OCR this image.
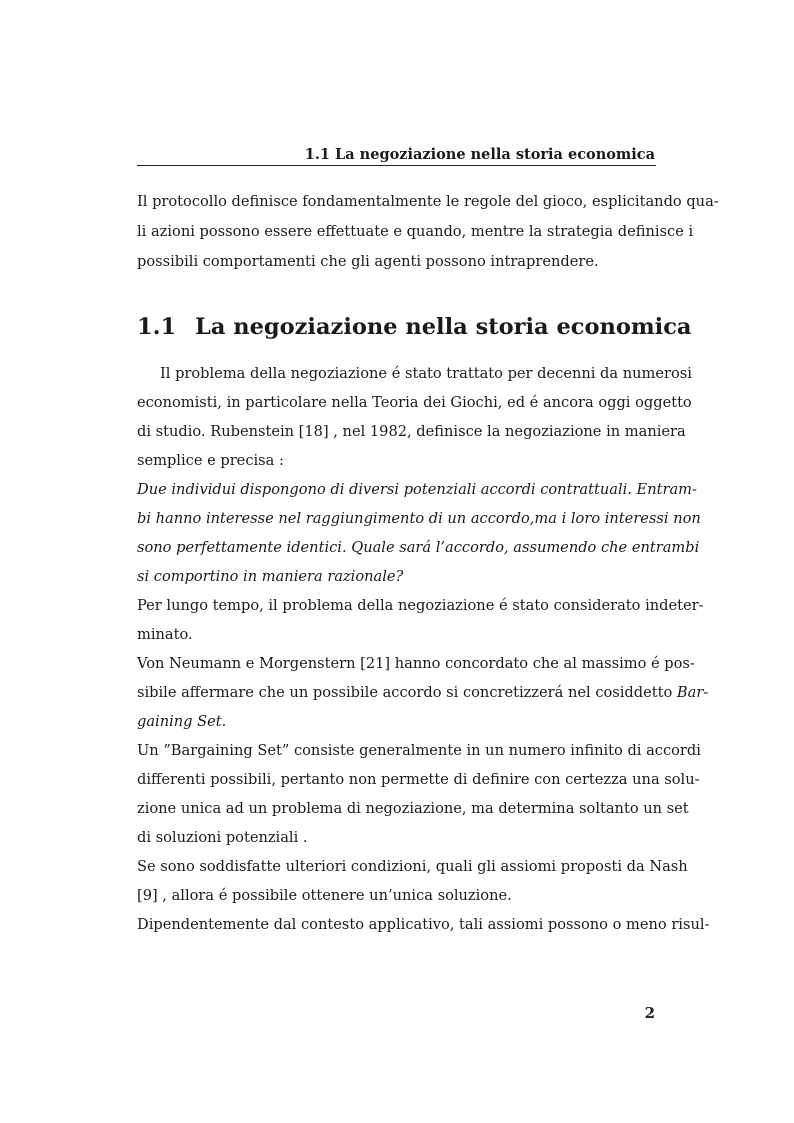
1.1 La negoziazione nella storia economica
Il protocollo definisce fondamentalmente le regole del gioco, esplicitando qua-
li azioni possono essere effettuate e quando, mentre la strategia definisce i
possibili comportamenti che gli agenti possono intraprendere.
1.1 La negoziazione nella storia economica
Il problema della negoziazione é stato trattato per decenni da numerosi
economisti, in particolare nella Teoria dei Giochi, ed é ancora oggi oggetto
di studio. Rubenstein [18] , nel 1982, definisce la negoziazione in maniera
semplice e precisa :
Due individui dispongono di diversi potenziali accordi contrattuali. Entram-
bi hanno interesse nel raggiungimento di un accordo,ma i loro interessi non
sono perfettamente identici. Quale sará l’accordo, assumendo che entrambi
si comportino in maniera razionale?
Per lungo tempo, il problema della negoziazione é stato considerato indeter-
minato.
Von Neumann e Morgenstern [21] hanno concordato che al massimo é pos-
sibile affermare che un possibile accordo si concretizzerá nel cosiddetto Bar-
gaining Set.
Un ”Bargaining Set” consiste generalmente in un numero infinito di accordi
differenti possibili, pertanto non permette di definire con certezza una solu-
zione unica ad un problema di negoziazione, ma determina soltanto un set
di soluzioni potenziali .
Se sono soddisfatte ulteriori condizioni, quali gli assiomi proposti da Nash
[9] , allora é possibile ottenere un’unica soluzione.
Dipendentemente dal contesto applicativo, tali assiomi possono o meno risul-
2
